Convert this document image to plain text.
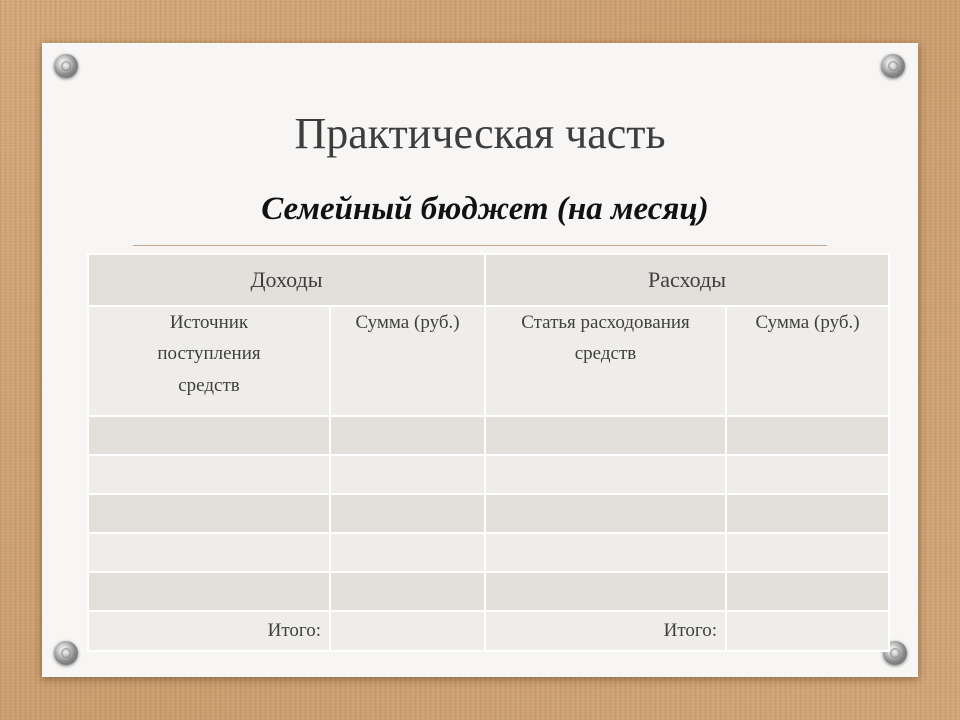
Практическая часть
Семейный бюджет (на месяц)
Доходы		Расходы	
Источник поступления средств	Сумма (руб.)	Статья расходования средств	Сумма (руб.)

Итого:		Итого:	
